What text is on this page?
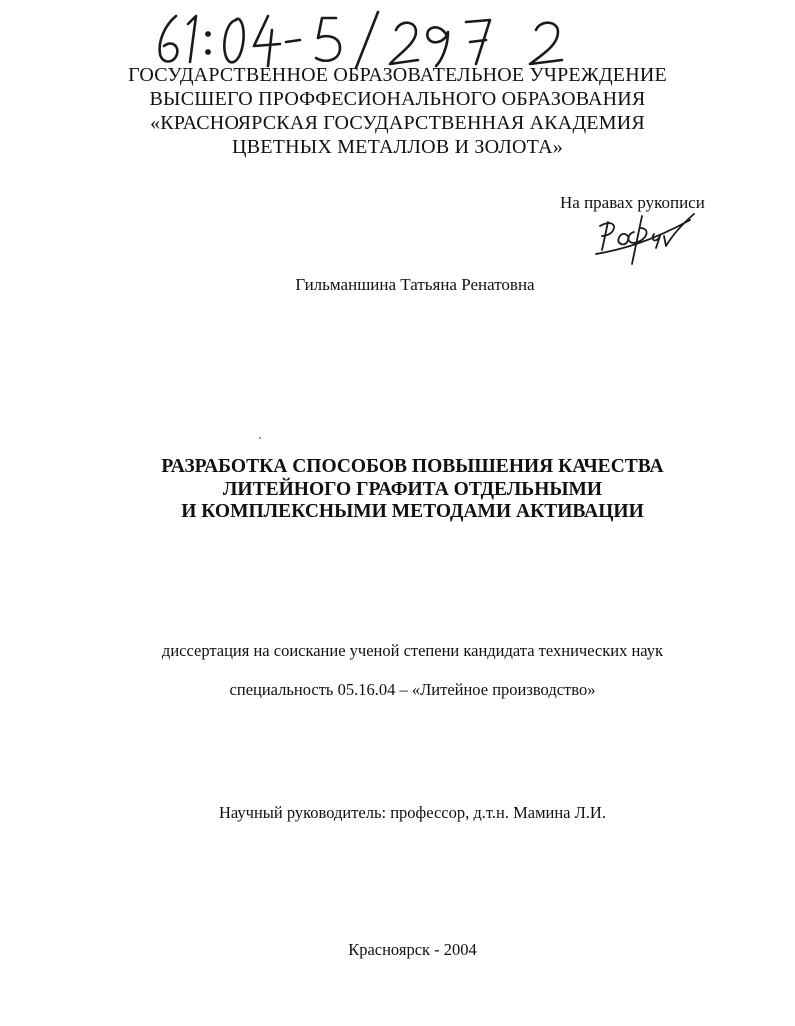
ГОСУДАРСТВЕННОЕ ОБРАЗОВАТЕЛЬНОЕ УЧРЕЖДЕНИЕ
ВЫСШЕГО ПРОФФЕСИОНАЛЬНОГО ОБРАЗОВАНИЯ
«КРАСНОЯРСКАЯ ГОСУДАРСТВЕННАЯ АКАДЕМИЯ
ЦВЕТНЫХ МЕТАЛЛОВ И ЗОЛОТА»
На правах рукописи
Гильманшина Татьяна Ренатовна
РАЗРАБОТКА СПОСОБОВ ПОВЫШЕНИЯ КАЧЕСТВА
ЛИТЕЙНОГО ГРАФИТА ОТДЕЛЬНЫМИ
И КОМПЛЕКСНЫМИ МЕТОДАМИ АКТИВАЦИИ
диссертация на соискание ученой степени кандидата технических наук
специальность 05.16.04 – «Литейное производство»
Научный руководитель: профессор, д.т.н. Мамина Л.И.
Красноярск - 2004
